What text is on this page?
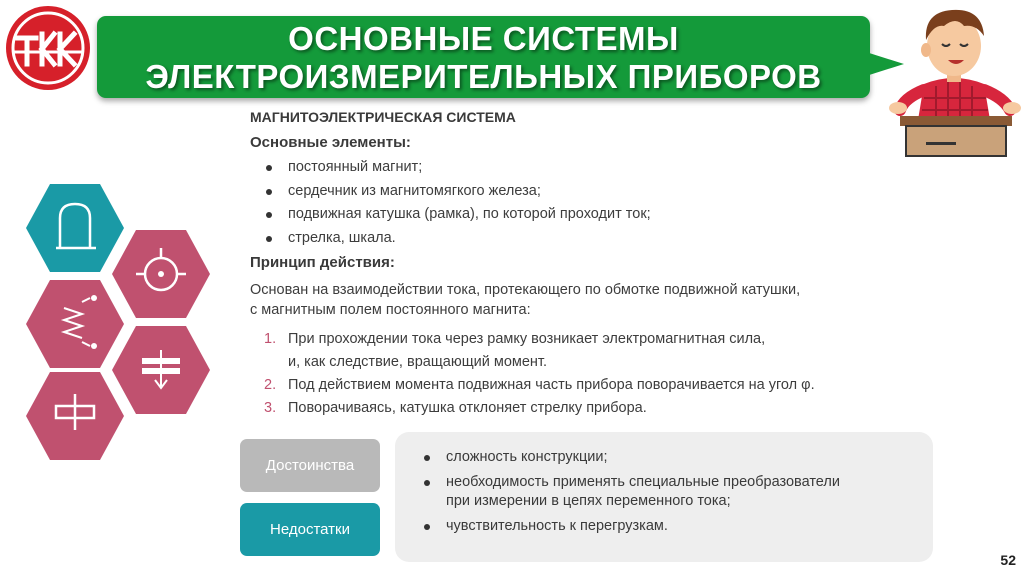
ОСНОВНЫЕ СИСТЕМЫ
ЭЛЕКТРОИЗМЕРИТЕЛЬНЫХ ПРИБОРОВ
МАГНИТОЭЛЕКТРИЧЕСКАЯ СИСТЕМА
Основные элементы:
постоянный магнит;
сердечник из магнитомягкого железа;
подвижная катушка (рамка), по которой проходит ток;
стрелка, шкала.
Принцип действия:
Основан на взаимодействии тока, протекающего по обмотке подвижной катушки,
с магнитным полем постоянного магнита:
1. При прохождении тока через рамку возникает электромагнитная сила,
и, как следствие, вращающий момент.
2. Под действием момента подвижная часть прибора поворачивается на угол φ.
3. Поворачиваясь, катушка отклоняет стрелку прибора.
Достоинства
Недостатки
сложность конструкции;
необходимость применять специальные преобразователи
при измерении в цепях переменного тока;
чувствительность к перегрузкам.
52
